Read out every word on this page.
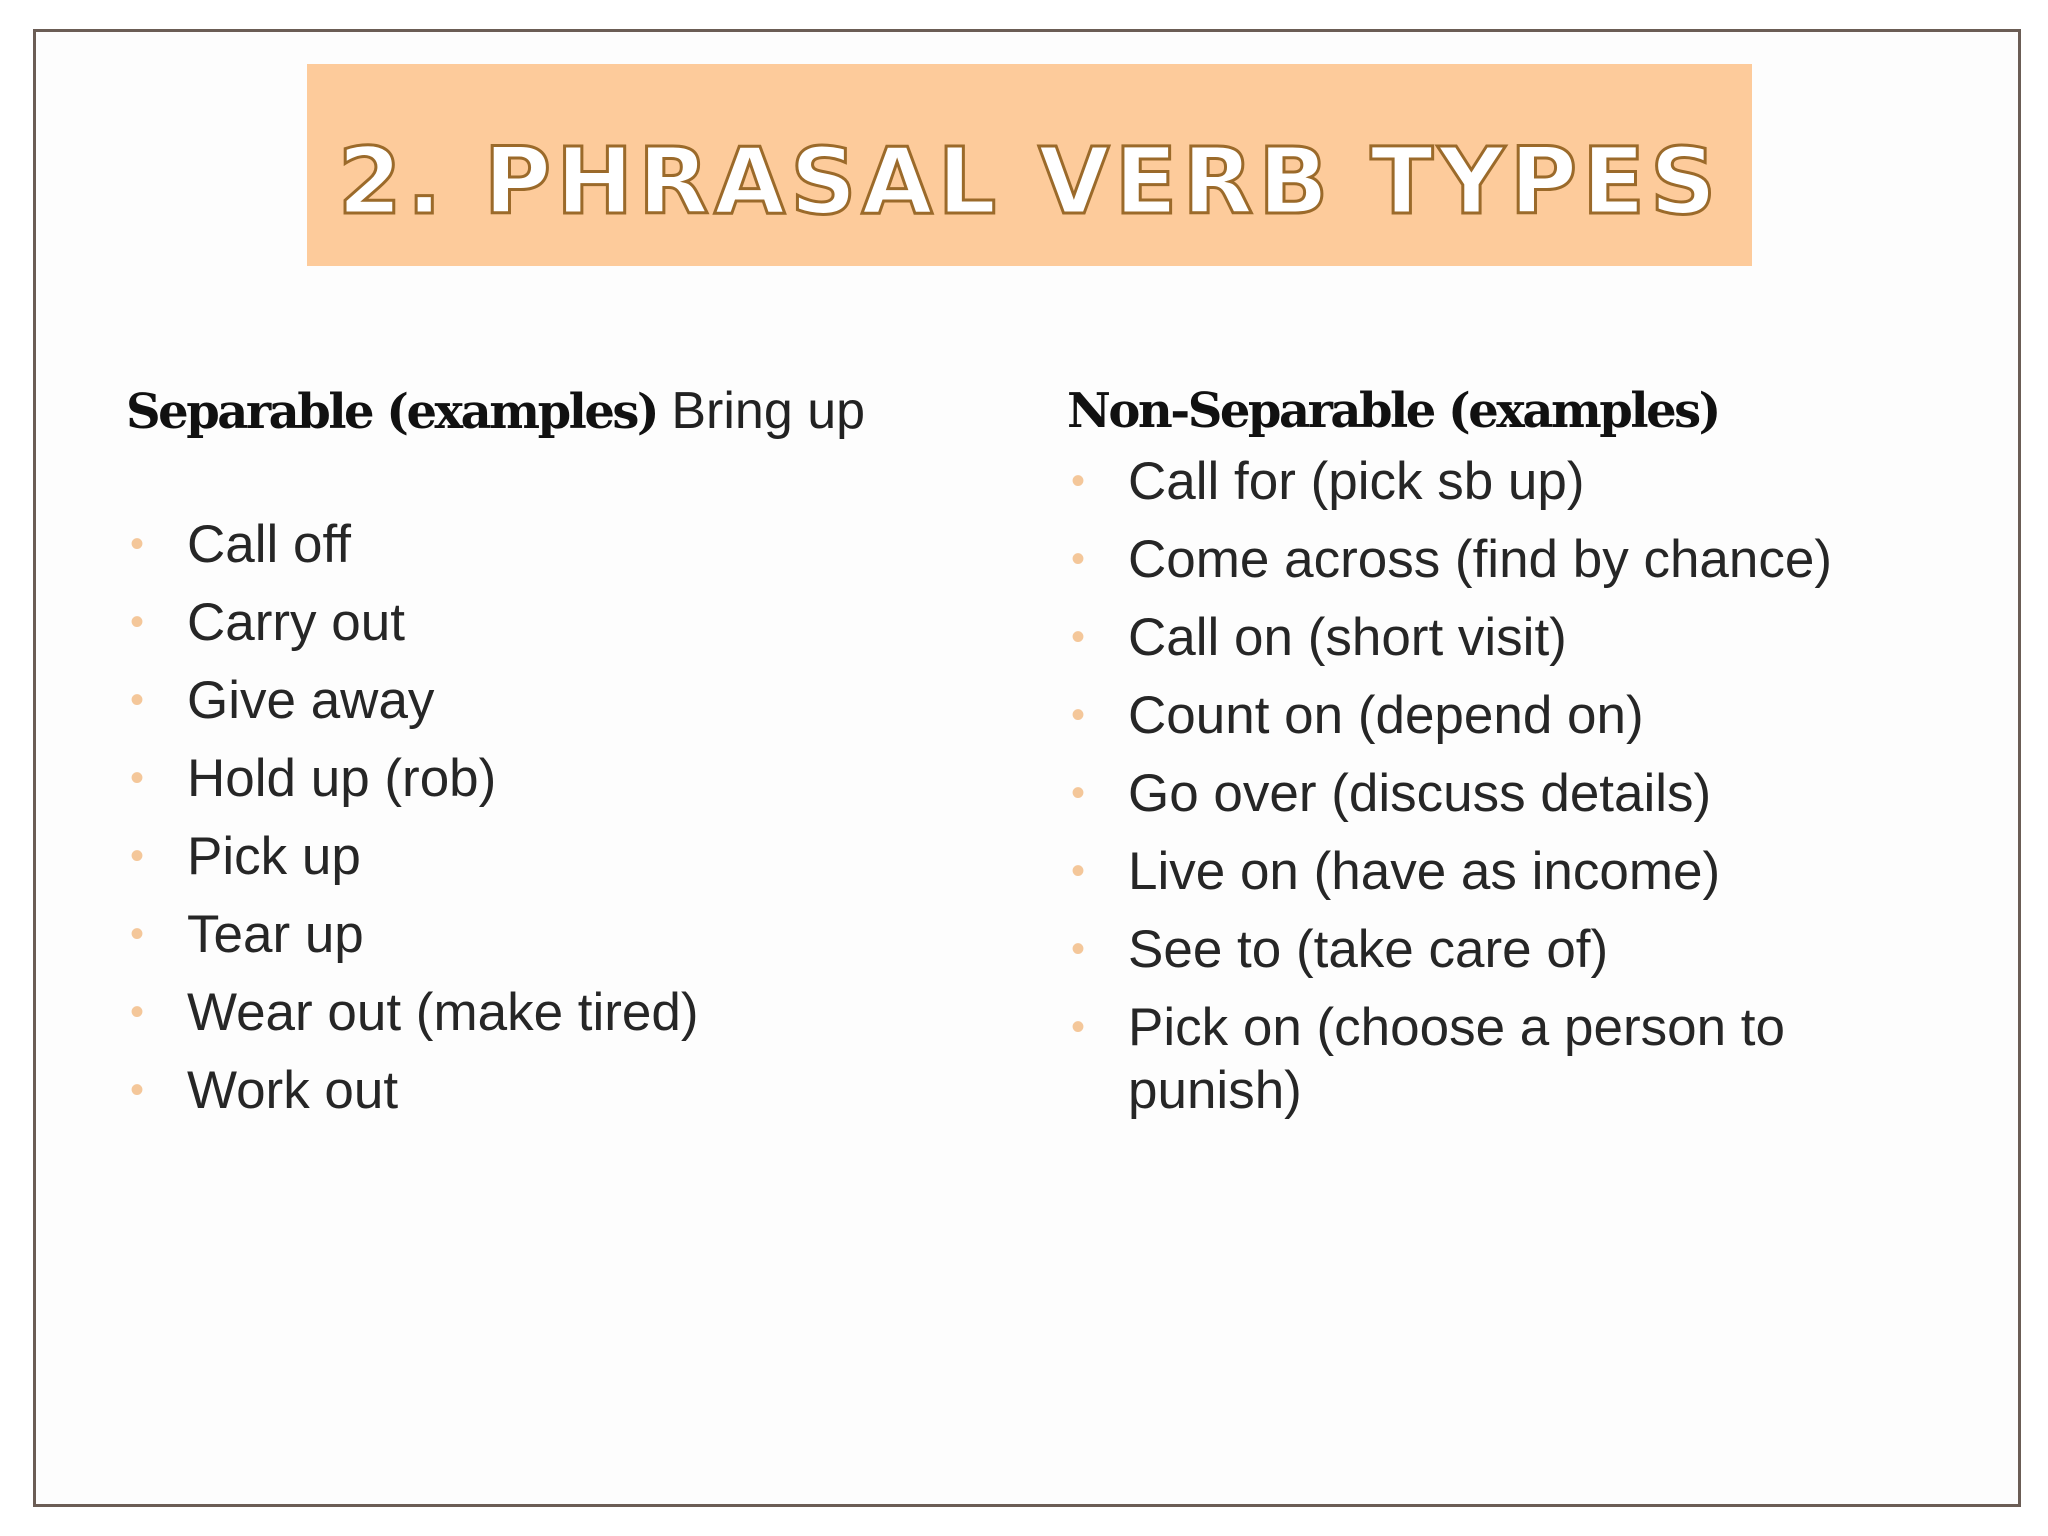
2. PHRASAL VERB TYPES
Separable (examples) Bring up
• Call off
• Carry out
• Give away
• Hold up (rob)
• Pick up
• Tear up
• Wear out (make tired)
• Work out
Non-Separable (examples)
• Call for (pick sb up)
• Come across (find by chance)
• Call on (short visit)
• Count on (depend on)
• Go over (discuss details)
• Live on (have as income)
• See to (take care of)
• Pick on (choose a person to punish)
